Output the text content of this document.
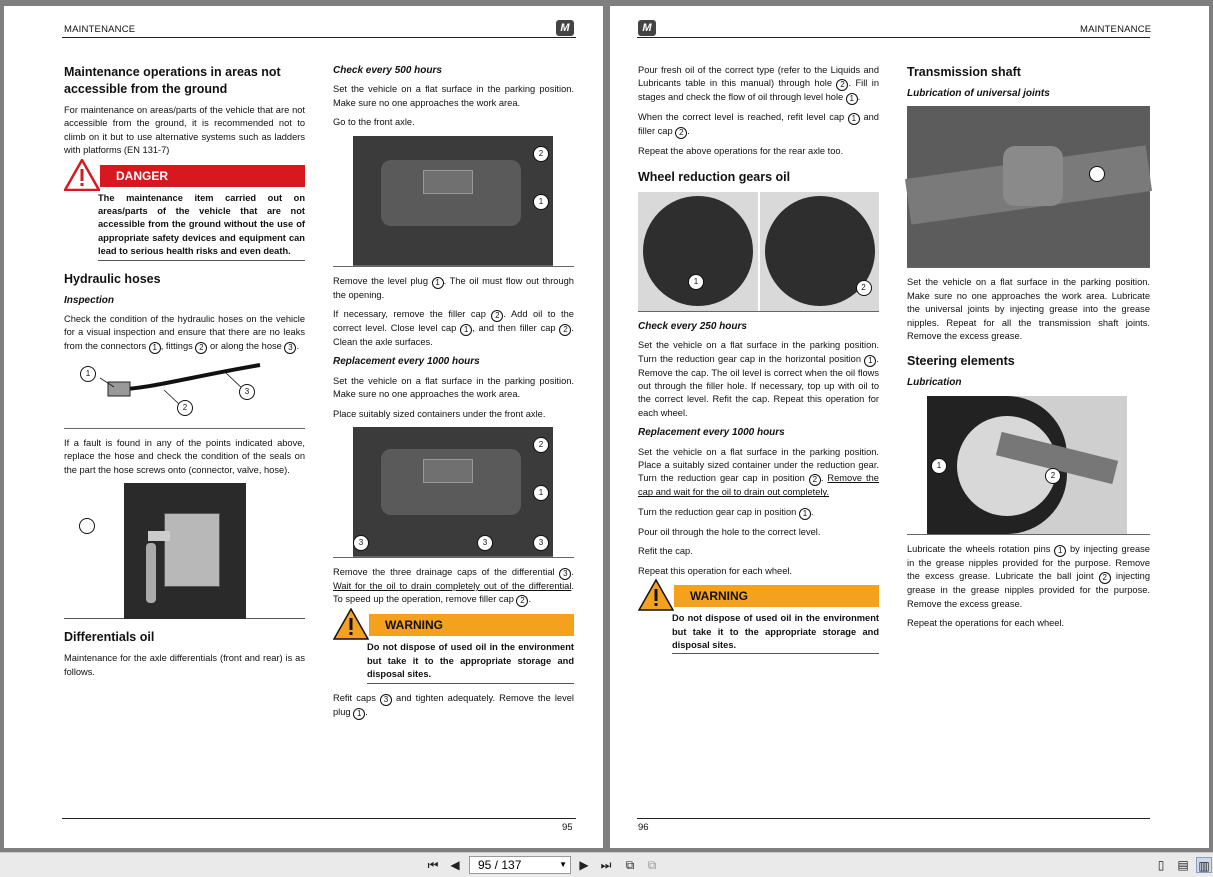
MAINTENANCE	M
Maintenance operations in areas not accessible from the ground

For maintenance on areas/parts of the vehicle that are not accessible from the ground, it is recommended not to climb on it but to use alternative systems such as ladders with platforms (EN 131-7)

DANGER
The maintenance item carried out on areas/parts of the vehicle that are not accessible from the ground without the use of appropriate safety devices and equipment can lead to serious health risks and even death.
Hydraulic hoses
Inspection

Check the condition of the hydraulic hoses on the vehicle for a visual inspection and ensure that there are no leaks from the connectors 1 , fittings 2 or along the hose 3 .

1
2
3

If a fault is found in any of the points indicated above, replace the hose and check the condition of the seals on the part the hose screws onto (connector, valve, hose).

Differentials oil

Maintenance for the axle differentials (front and rear) is as follows.

Check every 500 hours

Set the vehicle on a flat surface in the parking position. Make sure no one approaches the work area.

Go to the front axle.

2
1

Remove the level plug 1 . The oil must flow out through the opening.

If necessary, remove the filler cap 2 . Add oil to the correct level. Close level cap 1 , and then filler cap 2 . Clean the axle surfaces.

Replacement every 1000 hours

Set the vehicle on a flat surface in the parking position. Make sure no one approaches the work area.

Place suitably sized containers under the front axle.

2
1
3	3	3

Remove the three drainage caps of the differential 3 . Wait for the oil to drain completely out of the differential. To speed up the operation, remove filler cap 2 .

WARNING
Do not dispose of used oil in the environment but take it to the appropriate storage and disposal sites.

Refit caps 3 and tighten adequately. Remove the level plug 1 .

95
M	MAINTENANCE

Pour fresh oil of the correct type (refer to the Liquids and Lubricants table in this manual) through hole 2 . Fill in stages and check the flow of oil through level hole 1 .

When the correct level is reached, refit level cap 1 and filler cap 2 .

Repeat the above operations for the rear axle too.

Wheel reduction gears oil
1
2
Check every 250 hours

Set the vehicle on a flat surface in the parking position. Turn the reduction gear cap in the horizontal position 1 . Remove the cap. The oil level is correct when the oil flows out through the filler hole. If necessary, top up with oil to the correct level. Refit the cap. Repeat this operation for each wheel.

Replacement every 1000 hours

Set the vehicle on a flat surface in the parking position. Place a suitably sized container under the reduction gear. Turn the reduction gear cap in position 2 . Remove the cap and wait for the oil to drain out completely.

Turn the reduction gear cap in position 1 .

Pour oil through the hole to the correct level.

Refit the cap.

Repeat this operation for each wheel.

WARNING
Do not dispose of used oil in the environment but take it to the appropriate storage and disposal sites.
Transmission shaft
Lubrication of universal joints

Set the vehicle on a flat surface in the parking position. Make sure no one approaches the work area. Lubricate the universal joints by injecting grease into the grease nipples. Repeat for all the transmission shaft joints. Remove the excess grease.

Steering elements
Lubrication
1
2

Lubricate the wheels rotation pins 1 by injecting grease in the grease nipples provided for the purpose. Remove the excess grease. Lubricate the ball joint 2 injecting grease in the grease nipples provided for the purpose. Remove the excess grease.

Repeat the operations for each wheel.

96
⏮ ◀	95 / 137	▼ ▶ ⏭	⧉	⧉	▯	▤ ▥
